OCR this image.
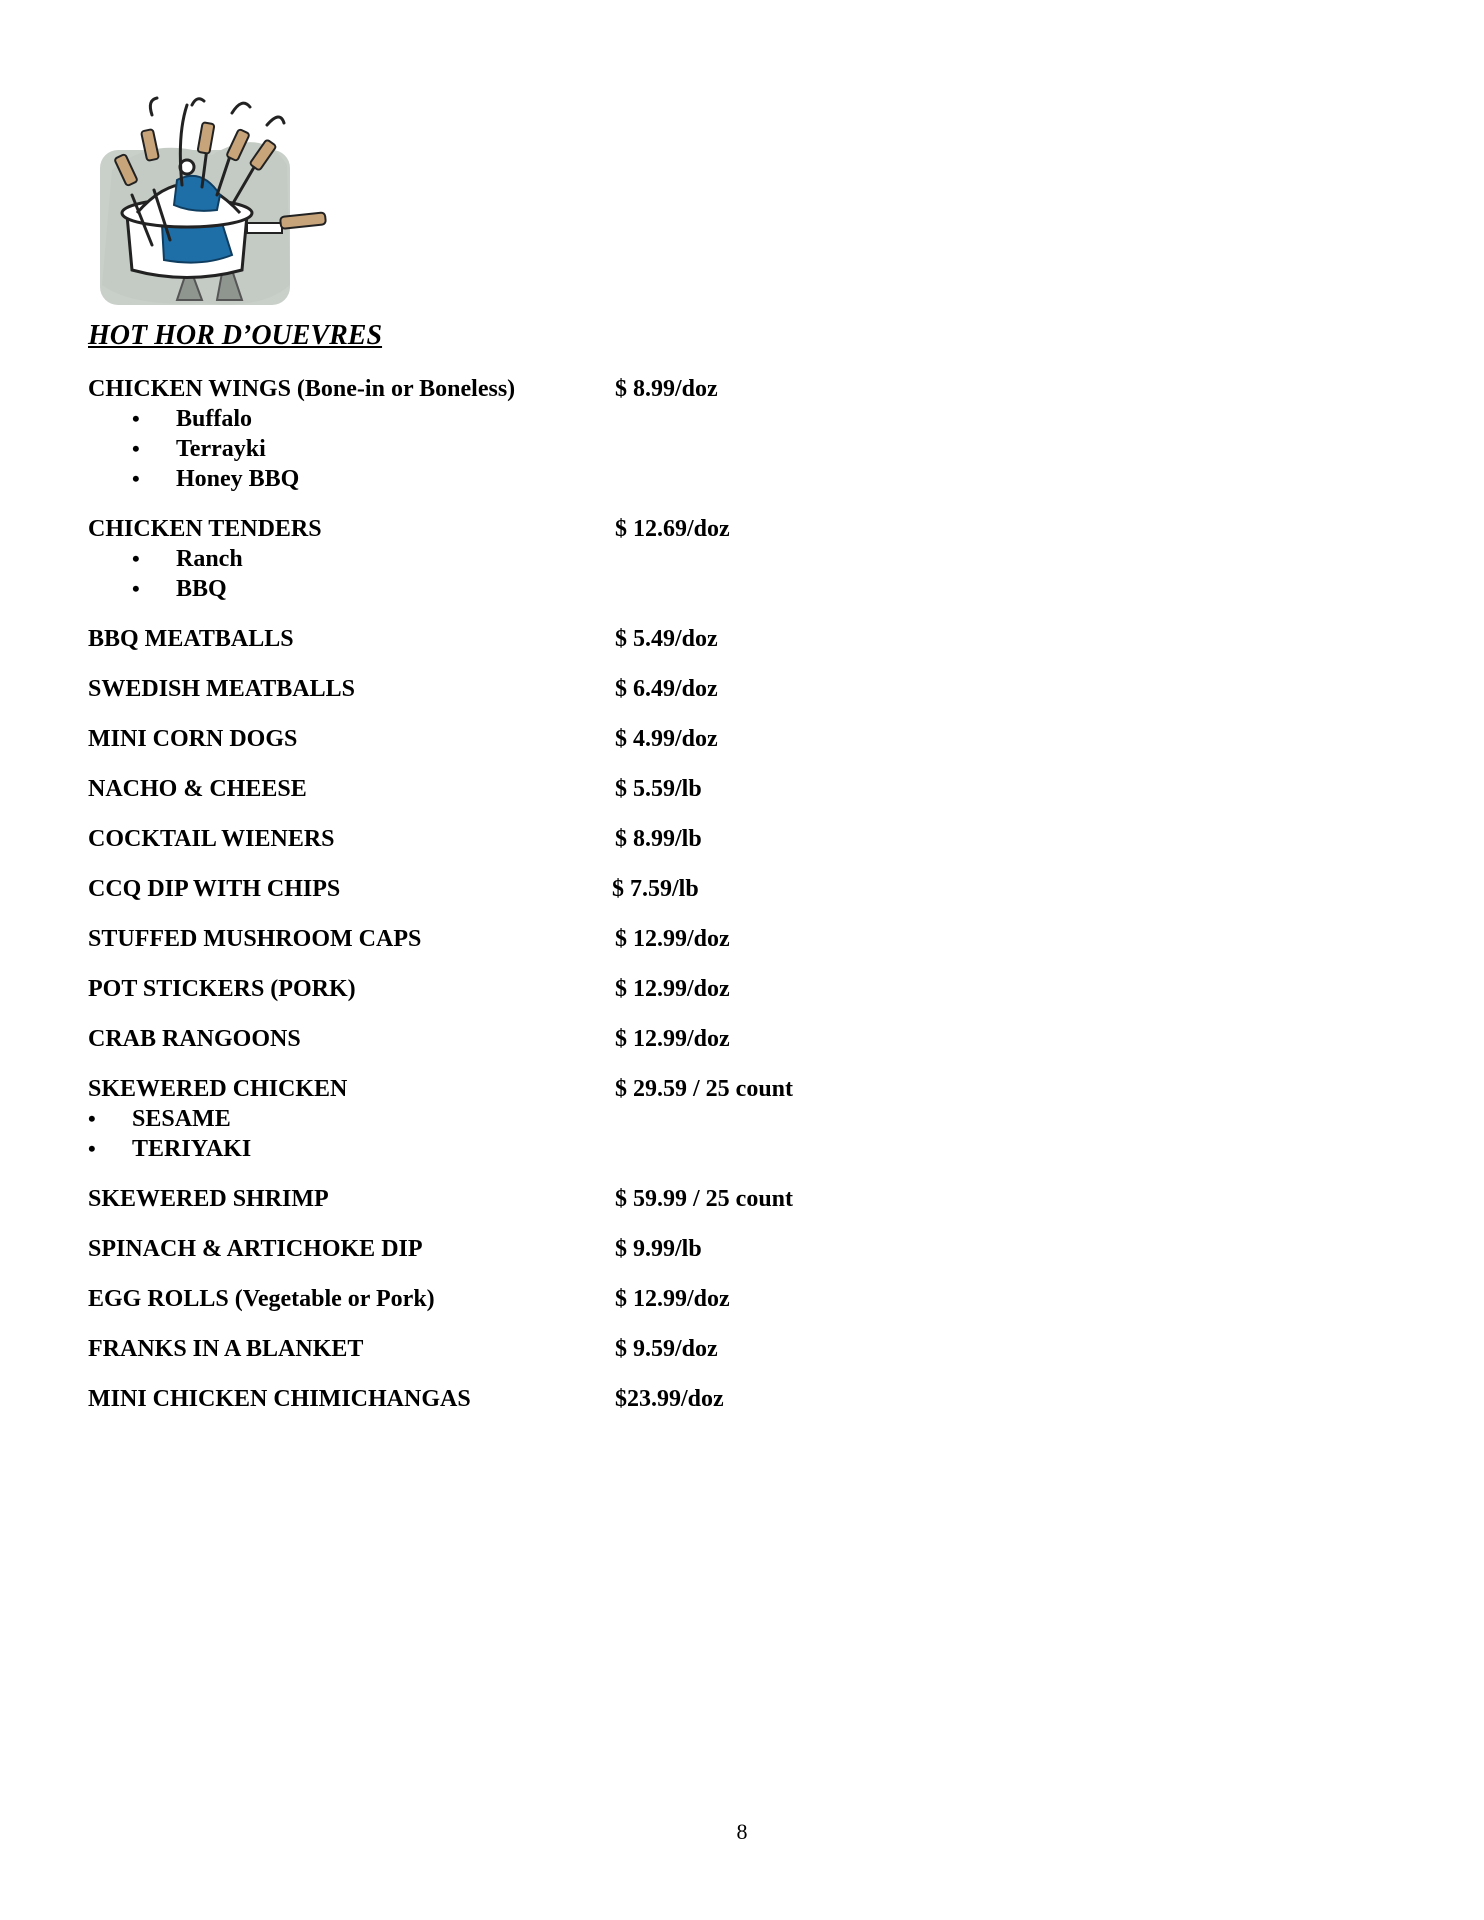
HOT HOR D’OUEVRES
CHICKEN WINGS (Bone-in or Boneless)	$ 8.99/doz
• Buffalo
• Terrayki
• Honey BBQ
CHICKEN TENDERS	$ 12.69/doz
• Ranch
• BBQ
BBQ MEATBALLS	$ 5.49/doz
SWEDISH MEATBALLS	$ 6.49/doz
MINI CORN DOGS	$ 4.99/doz
NACHO & CHEESE	$ 5.59/lb
COCKTAIL WIENERS	$ 8.99/lb
CCQ DIP WITH CHIPS	$ 7.59/lb
STUFFED MUSHROOM CAPS	$ 12.99/doz
POT STICKERS (PORK)	$ 12.99/doz
CRAB RANGOONS	$ 12.99/doz
SKEWERED CHICKEN	$ 29.59 / 25 count
• SESAME
• TERIYAKI
SKEWERED SHRIMP	$ 59.99 / 25 count
SPINACH & ARTICHOKE DIP	$ 9.99/lb
EGG ROLLS (Vegetable or Pork)	$ 12.99/doz
FRANKS IN A BLANKET	$ 9.59/doz
MINI CHICKEN CHIMICHANGAS	$23.99/doz
8
